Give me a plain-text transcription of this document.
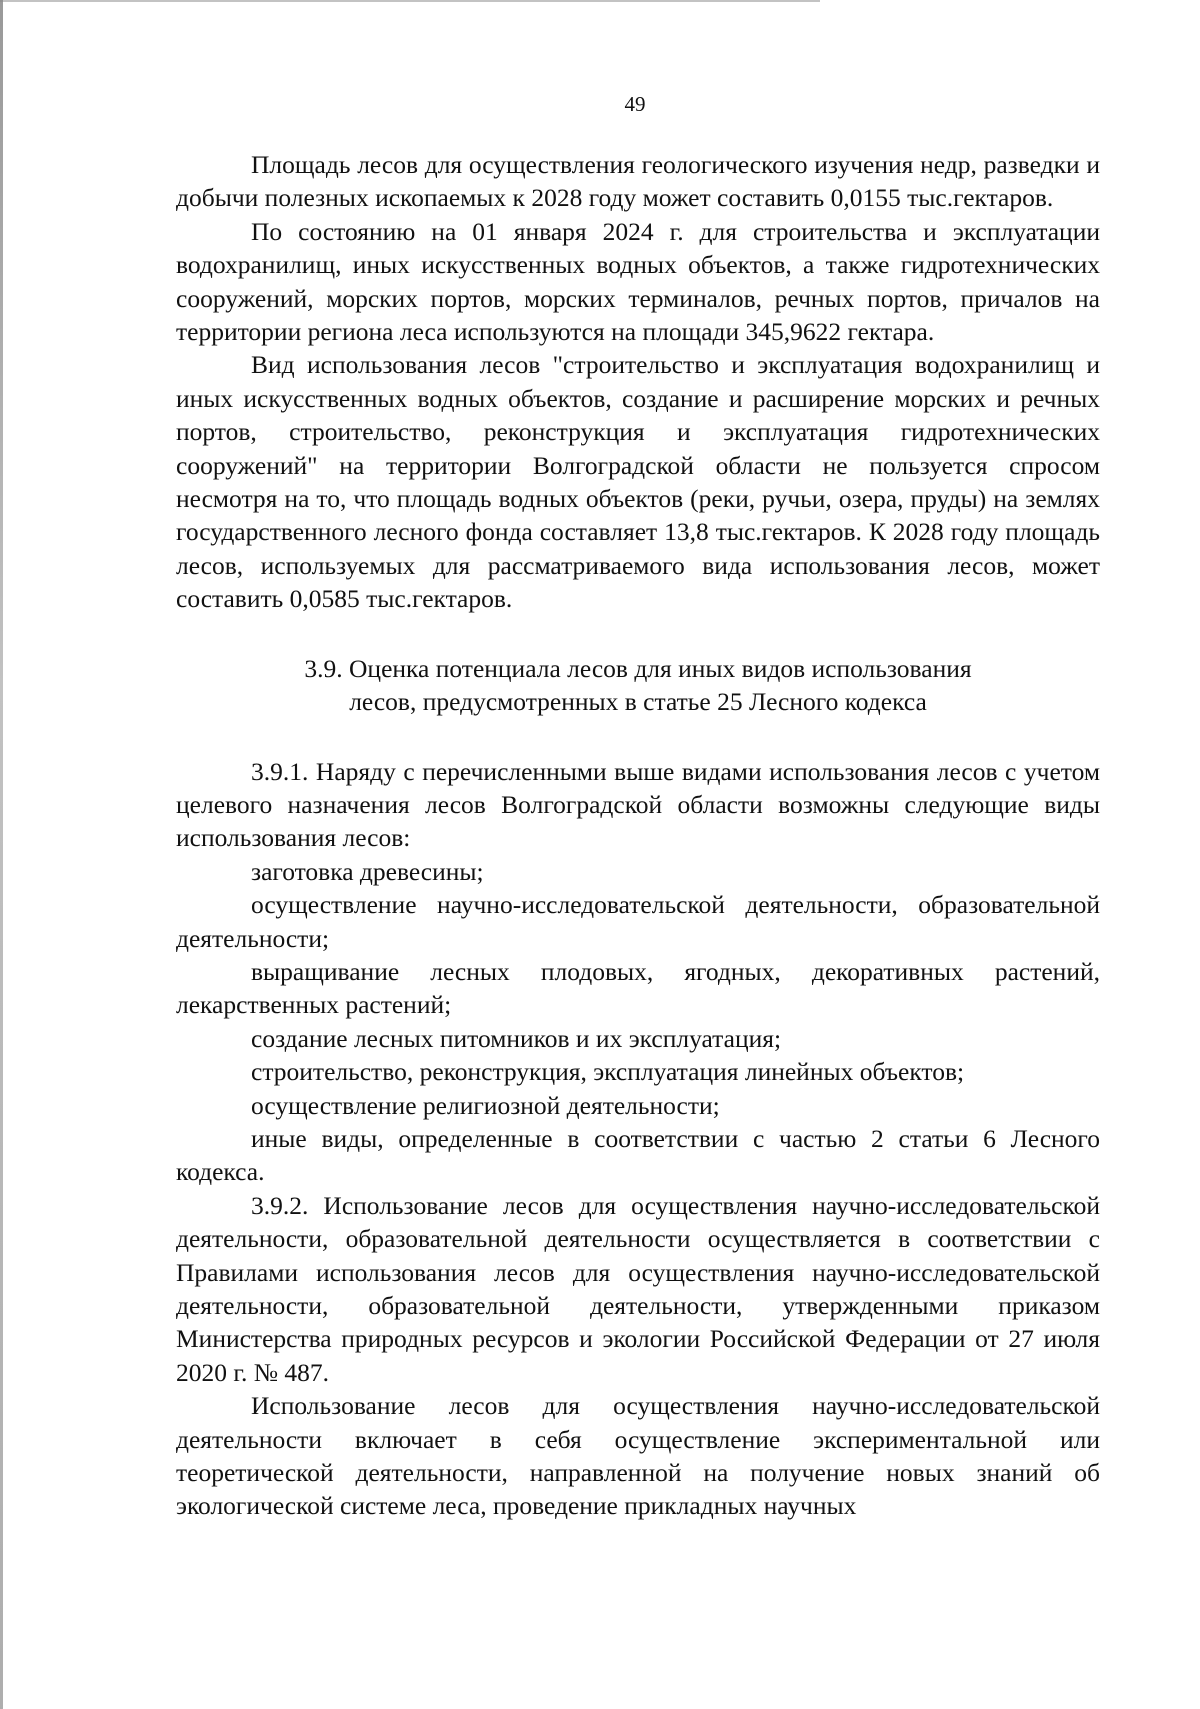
49

Площадь лесов для осуществления геологического изучения недр, разведки и добычи полезных ископаемых к 2028 году может составить 0,0155 тыс.гектаров.

По состоянию на 01 января 2024 г. для строительства и эксплуатации водохранилищ, иных искусственных водных объектов, а также гидротехнических сооружений, морских портов, морских терминалов, речных портов, причалов на территории региона леса используются на площади 345,9622 гектара.

Вид использования лесов "строительство и эксплуатация водохранилищ и иных искусственных водных объектов, создание и расширение морских и речных портов, строительство, реконструкция и эксплуатация гидротехнических сооружений" на территории Волгоградской области не пользуется спросом несмотря на то, что площадь водных объектов (реки, ручьи, озера, пруды) на землях государственного лесного фонда составляет 13,8 тыс.гектаров. К 2028 году площадь лесов, используемых для рассматриваемого вида использования лесов, может составить 0,0585 тыс.гектаров.

3.9. Оценка потенциала лесов для иных видов использования
лесов, предусмотренных в статье 25 Лесного кодекса

3.9.1. Наряду с перечисленными выше видами использования лесов с учетом целевого назначения лесов Волгоградской области возможны следующие виды использования лесов:

заготовка древесины;

осуществление научно-исследовательской деятельности, образовательной деятельности;

выращивание лесных плодовых, ягодных, декоративных растений, лекарственных растений;

создание лесных питомников и их эксплуатация;

строительство, реконструкция, эксплуатация линейных объектов;

осуществление религиозной деятельности;

иные виды, определенные в соответствии с частью 2 статьи 6 Лесного кодекса.

3.9.2. Использование лесов для осуществления научно-исследовательской деятельности, образовательной деятельности осуществляется в соответствии с Правилами использования лесов для осуществления научно-исследовательской деятельности, образовательной деятельности, утвержденными приказом Министерства природных ресурсов и экологии Российской Федерации от 27 июля 2020 г. № 487.

Использование лесов для осуществления научно-исследовательской деятельности включает в себя осуществление экспериментальной или теоретической деятельности, направленной на получение новых знаний об экологической системе леса, проведение прикладных научных
